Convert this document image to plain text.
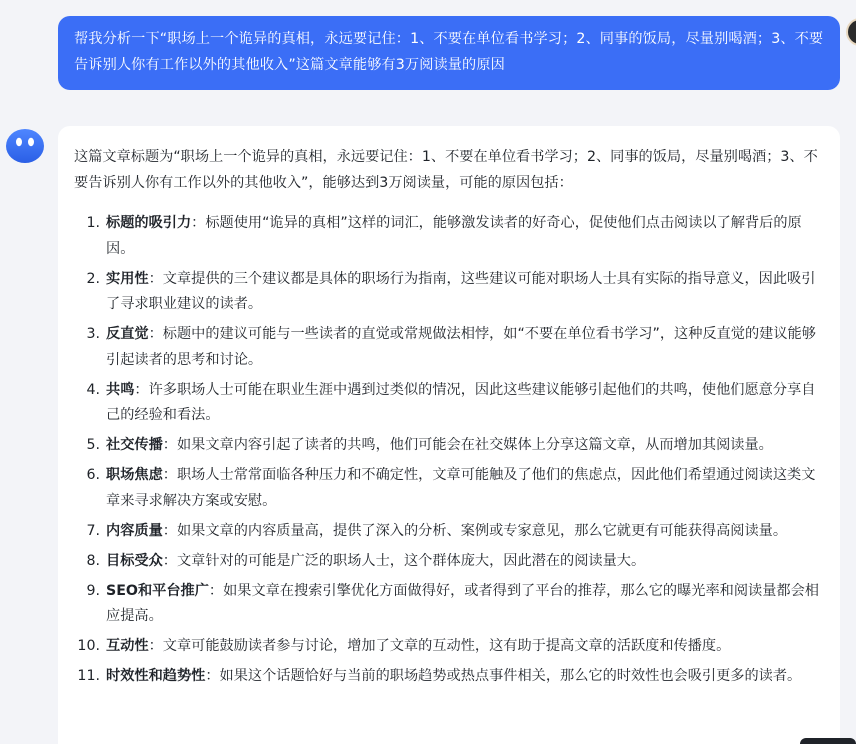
帮我分析一下“职场上一个诡异的真相，永远要记住：1、不要在单位看书学习；2、同事的饭局，尽量别喝酒；3、不要告诉别人你有工作以外的其他收入”这篇文章能够有3万阅读量的原因

这篇文章标题为“职场上一个诡异的真相，永远要记住：1、不要在单位看书学习；2、同事的饭局，尽量别喝酒；3、不要告诉别人你有工作以外的其他收入”，能够达到3万阅读量，可能的原因包括：

1. 标题的吸引力：标题使用“诡异的真相”这样的词汇，能够激发读者的好奇心，促使他们点击阅读以了解背后的原因。
2. 实用性：文章提供的三个建议都是具体的职场行为指南，这些建议可能对职场人士具有实际的指导意义，因此吸引了寻求职业建议的读者。
3. 反直觉：标题中的建议可能与一些读者的直觉或常规做法相悖，如“不要在单位看书学习”，这种反直觉的建议能够引起读者的思考和讨论。
4. 共鸣：许多职场人士可能在职业生涯中遇到过类似的情况，因此这些建议能够引起他们的共鸣，使他们愿意分享自己的经验和看法。
5. 社交传播：如果文章内容引起了读者的共鸣，他们可能会在社交媒体上分享这篇文章，从而增加其阅读量。
6. 职场焦虑：职场人士常常面临各种压力和不确定性，文章可能触及了他们的焦虑点，因此他们希望通过阅读这类文章来寻求解决方案或安慰。
7. 内容质量：如果文章的内容质量高，提供了深入的分析、案例或专家意见，那么它就更有可能获得高阅读量。
8. 目标受众：文章针对的可能是广泛的职场人士，这个群体庞大，因此潜在的阅读量大。
9. SEO和平台推广：如果文章在搜索引擎优化方面做得好，或者得到了平台的推荐，那么它的曝光率和阅读量都会相应提高。
10. 互动性：文章可能鼓励读者参与讨论，增加了文章的互动性，这有助于提高文章的活跃度和传播度。
11. 时效性和趋势性：如果这个话题恰好与当前的职场趋势或热点事件相关，那么它的时效性也会吸引更多的读者。
